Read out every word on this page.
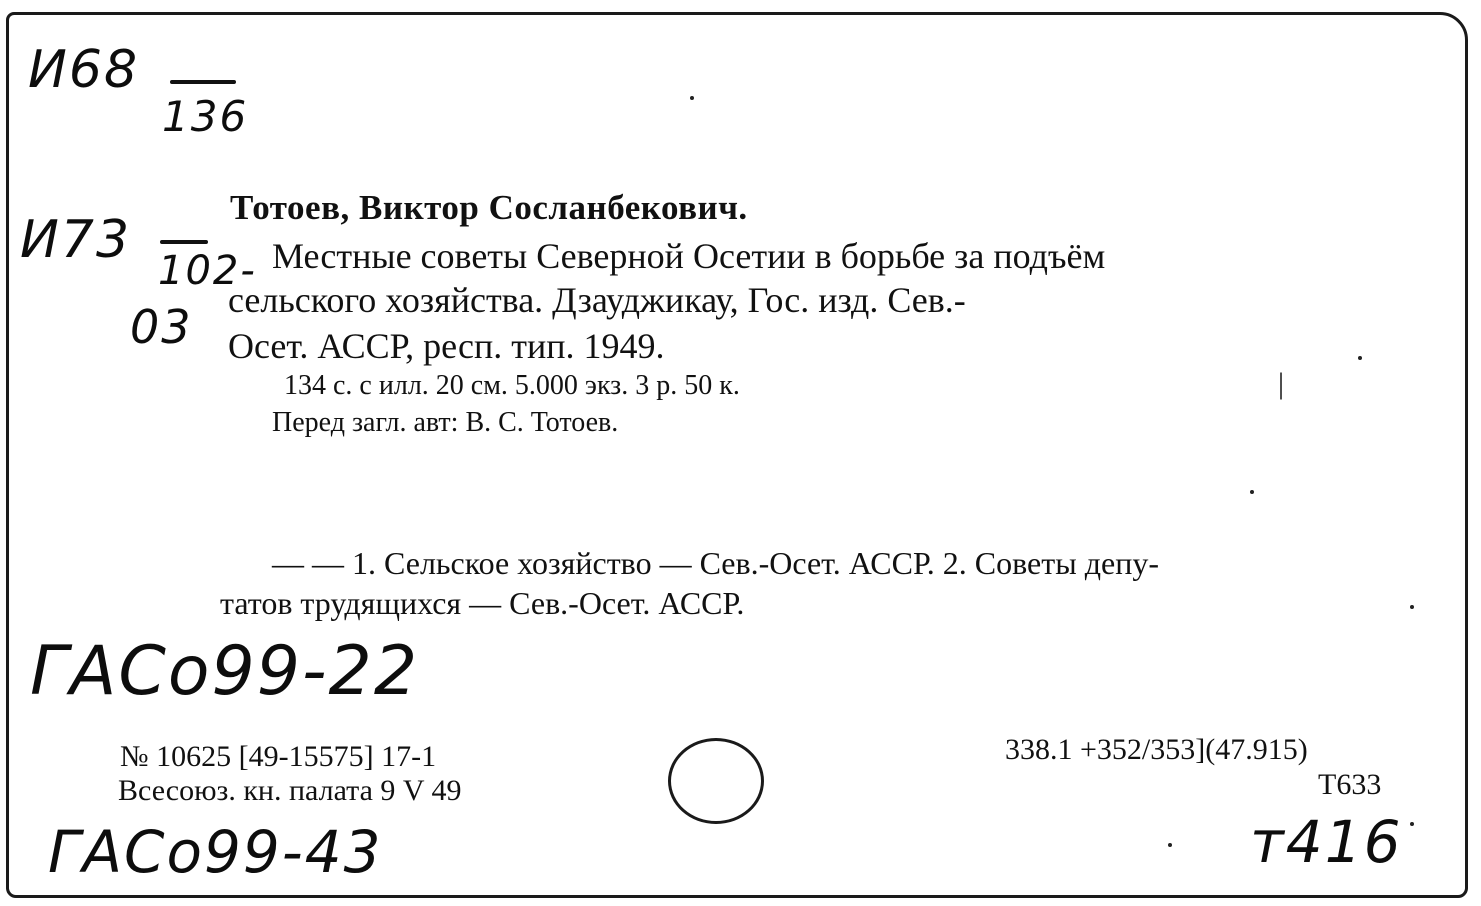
И68

136

И73

102-

03

Тотоев, Виктор Сосланбекович.

Местные советы Северной Осетии в борьбе за подъём

сельского хозяйства. Дзауджикау, Гос. изд. Сев.-

Осет. АССР, респ. тип. 1949.

134 с. с илл. 20 см. 5.000 экз. 3 р. 50 к.	|

Перед загл. авт: В. С. Тотоев.

— — 1. Сельское хозяйство — Сев.-Осет. АССР. 2. Советы депу-

татов трудящихся — Сев.-Осет. АССР.

ГАСо99-22

№ 10625 [49-15575] 17-1

Всесоюз. кн. палата 9 V 49

338.1 +352/353](47.915)

Т633

ГАСо99-43	т416
